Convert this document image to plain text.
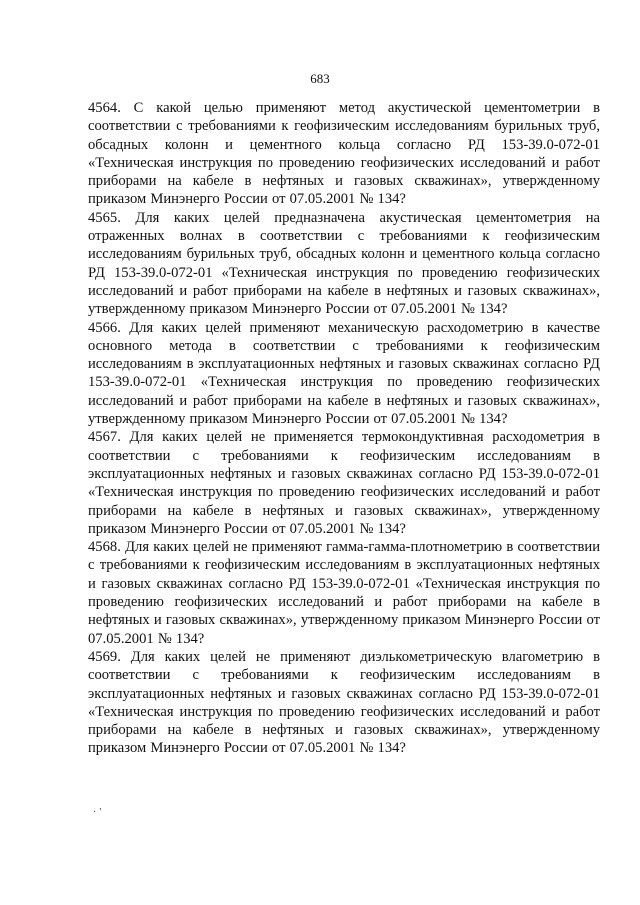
683

4564. С какой целью применяют метод акустической цементометрии в соответствии с требованиями к геофизическим исследованиям бурильных труб, обсадных колонн и цементного кольца согласно РД 153-39.0-072-01 «Техническая инструкция по проведению геофизических исследований и работ приборами на кабеле в нефтяных и газовых скважинах», утвержденному приказом Минэнерго России от 07.05.2001 № 134?

4565. Для каких целей предназначена акустическая цементометрия на отраженных волнах в соответствии с требованиями к геофизическим исследованиям бурильных труб, обсадных колонн и цементного кольца согласно РД 153-39.0-072-01 «Техническая инструкция по проведению геофизических исследований и работ приборами на кабеле в нефтяных и газовых скважинах», утвержденному приказом Минэнерго России от 07.05.2001 № 134?

4566. Для каких целей применяют механическую расходометрию в качестве основного метода в соответствии с требованиями к геофизическим исследованиям в эксплуатационных нефтяных и газовых скважинах согласно РД 153-39.0-072-01 «Техническая инструкция по проведению геофизических исследований и работ приборами на кабеле в нефтяных и газовых скважинах», утвержденному приказом Минэнерго России от 07.05.2001 № 134?

4567. Для каких целей не применяется термокондуктивная расходометрия в соответствии с требованиями к геофизическим исследованиям в эксплуатационных нефтяных и газовых скважинах согласно РД 153-39.0-072-01 «Техническая инструкция по проведению геофизических исследований и работ приборами на кабеле в нефтяных и газовых скважинах», утвержденному приказом Минэнерго России от 07.05.2001 № 134?

4568. Для каких целей не применяют гамма-гамма-плотнометрию в соответствии с требованиями к геофизическим исследованиям в эксплуатационных нефтяных и газовых скважинах согласно РД 153-39.0-072-01 «Техническая инструкция по проведению геофизических исследований и работ приборами на кабеле в нефтяных и газовых скважинах», утвержденному приказом Минэнерго России от 07.05.2001 № 134?

4569. Для каких целей не применяют диэлькометрическую влагометрию в соответствии с требованиями к геофизическим исследованиям в эксплуатационных нефтяных и газовых скважинах согласно РД 153-39.0-072-01 «Техническая инструкция по проведению геофизических исследований и работ приборами на кабеле в нефтяных и газовых скважинах», утвержденному приказом Минэнерго России от 07.05.2001 № 134?

· ‛
